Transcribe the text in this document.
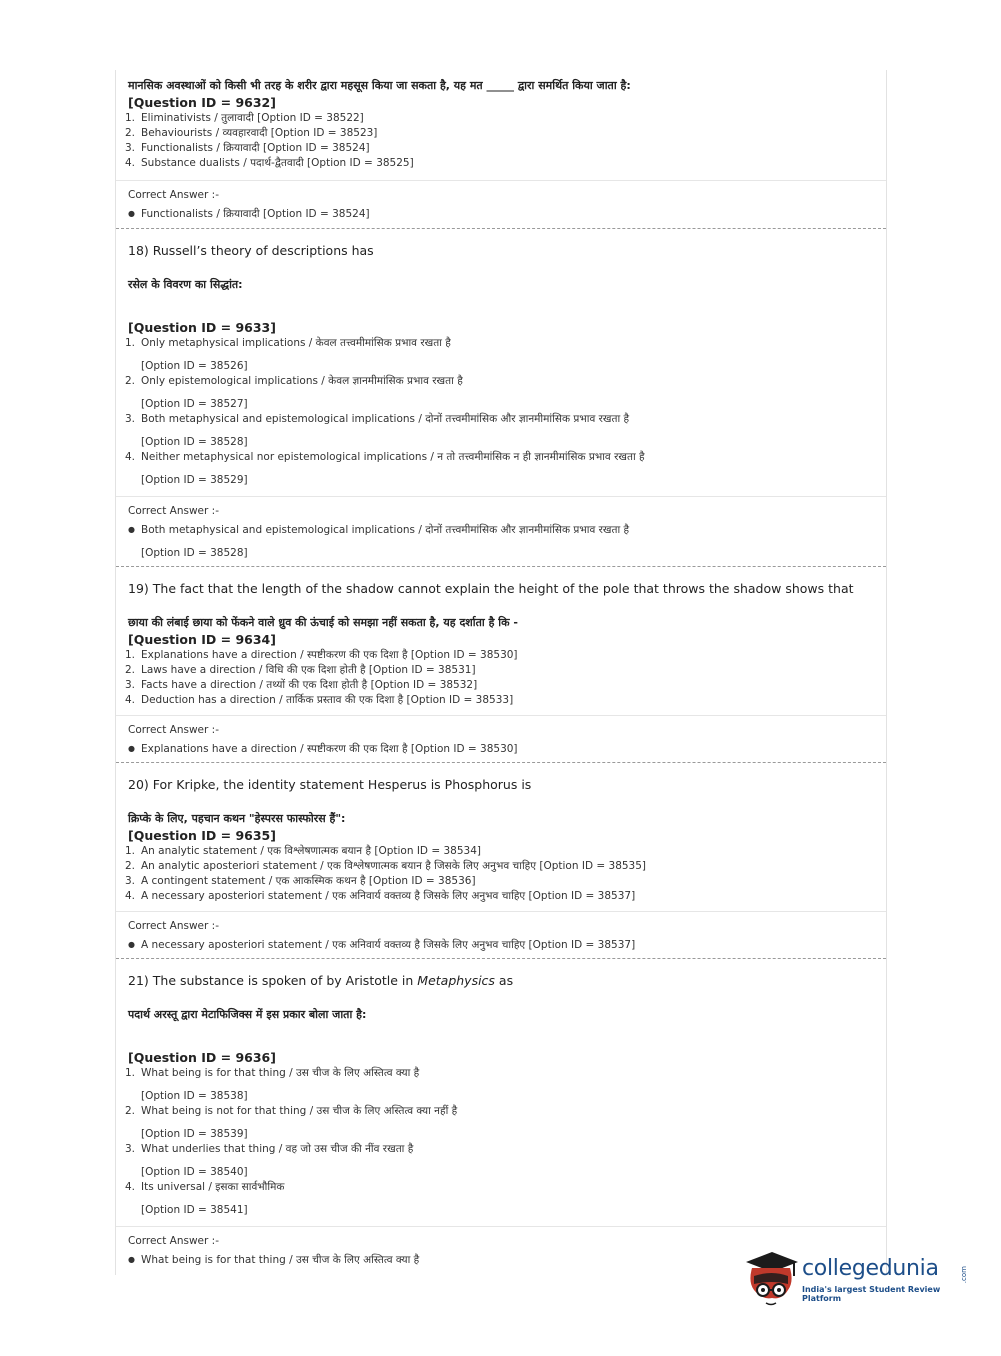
मानसिक अवस्थाओं को किसी भी तरह के शरीर द्वारा महसूस किया जा सकता है, यह मत _____ द्वारा समर्थित किया जाता है:
[Question ID = 9632]
1. Eliminativists / तुलावादी [Option ID = 38522]
2. Behaviourists / व्यवहारवादी [Option ID = 38523]
3. Functionalists / क्रियावादी [Option ID = 38524]
4. Substance dualists / पदार्थ-द्वैतवादी [Option ID = 38525]
Correct Answer :-
● Functionalists / क्रियावादी [Option ID = 38524]
18) Russell’s theory of descriptions has
रसेल के विवरण का सिद्धांत:
[Question ID = 9633]
1. Only metaphysical implications / केवल तत्त्वमीमांसिक प्रभाव रखता है
[Option ID = 38526]
2. Only epistemological implications / केवल ज्ञानमीमांसिक प्रभाव रखता है
[Option ID = 38527]
3. Both metaphysical and epistemological implications / दोनों तत्त्वमीमांसिक और ज्ञानमीमांसिक प्रभाव रखता है
[Option ID = 38528]
4. Neither metaphysical nor epistemological implications / न तो तत्त्वमीमांसिक न ही ज्ञानमीमांसिक प्रभाव रखता है
[Option ID = 38529]
Correct Answer :-
● Both metaphysical and epistemological implications / दोनों तत्त्वमीमांसिक और ज्ञानमीमांसिक प्रभाव रखता है
[Option ID = 38528]
19) The fact that the length of the shadow cannot explain the height of the pole that throws the shadow shows that
छाया की लंबाई छाया को फेंकने वाले ध्रुव की ऊंचाई को समझा नहीं सकता है, यह दर्शाता है कि -
[Question ID = 9634]
1. Explanations have a direction / स्पष्टीकरण की एक दिशा है [Option ID = 38530]
2. Laws have a direction / विधि की एक दिशा होती है [Option ID = 38531]
3. Facts have a direction / तथ्यों की एक दिशा होती है [Option ID = 38532]
4. Deduction has a direction / तार्किक प्रस्ताव की एक दिशा है [Option ID = 38533]
Correct Answer :-
● Explanations have a direction / स्पष्टीकरण की एक दिशा है [Option ID = 38530]
20) For Kripke, the identity statement Hesperus is Phosphorus is
क्रिप्के के लिए, पहचान कथन "हेस्परस फास्फोरस हैं":
[Question ID = 9635]
1. An analytic statement / एक विश्लेषणात्मक बयान है [Option ID = 38534]
2. An analytic aposteriori statement / एक विश्लेषणात्मक बयान है जिसके लिए अनुभव चाहिए [Option ID = 38535]
3. A contingent statement / एक आकस्मिक कथन है [Option ID = 38536]
4. A necessary aposteriori statement / एक अनिवार्य वक्तव्य है जिसके लिए अनुभव चाहिए [Option ID = 38537]
Correct Answer :-
● A necessary aposteriori statement / एक अनिवार्य वक्तव्य है जिसके लिए अनुभव चाहिए [Option ID = 38537]
21) The substance is spoken of by Aristotle in Metaphysics as
पदार्थ अरस्तू द्वारा मेटाफिजिक्स में इस प्रकार बोला जाता है:
[Question ID = 9636]
1. What being is for that thing / उस चीज के लिए अस्तित्व क्या है
[Option ID = 38538]
2. What being is not for that thing / उस चीज के लिए अस्तित्व क्या नहीं है
[Option ID = 38539]
3. What underlies that thing / वह जो उस चीज की नींव रखता है
[Option ID = 38540]
4. Its universal / इसका सार्वभौमिक
[Option ID = 38541]
Correct Answer :-
● What being is for that thing / उस चीज के लिए अस्तित्व क्या है	collegedunia	.com
India's largest Student Review Platform
